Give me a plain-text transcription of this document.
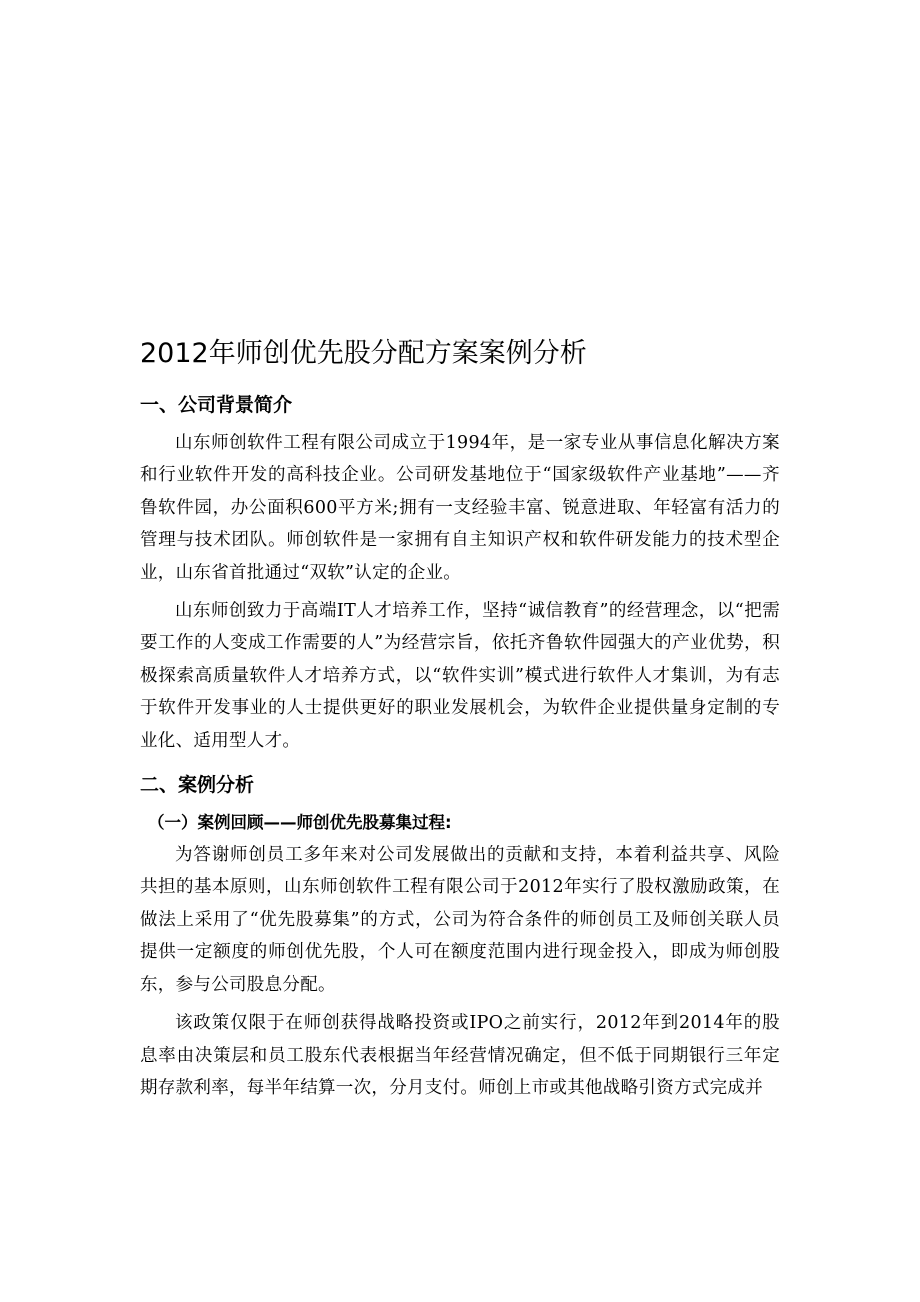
2012年师创优先股分配方案案例分析
一、公司背景简介

山东师创软件工程有限公司成立于1994年，是一家专业从事信息化解决方案和行业软件开发的高科技企业。公司研发基地位于“国家级软件产业基地”——齐鲁软件园，办公面积600平方米;拥有一支经验丰富、锐意进取、年轻富有活力的管理与技术团队。师创软件是一家拥有自主知识产权和软件研发能力的技术型企业，山东省首批通过“双软”认定的企业。

山东师创致力于高端IT人才培养工作，坚持“诚信教育”的经营理念，以“把需要工作的人变成工作需要的人”为经营宗旨，依托齐鲁软件园强大的产业优势，积极探索高质量软件人才培养方式，以“软件实训”模式进行软件人才集训，为有志于软件开发事业的人士提供更好的职业发展机会，为软件企业提供量身定制的专业化、适用型人才。

二、案例分析
（一）案例回顾——师创优先股募集过程:

为答谢师创员工多年来对公司发展做出的贡献和支持，本着利益共享、风险共担的基本原则，山东师创软件工程有限公司于2012年实行了股权激励政策，在做法上采用了“优先股募集”的方式，公司为符合条件的师创员工及师创关联人员提供一定额度的师创优先股，个人可在额度范围内进行现金投入，即成为师创股东，参与公司股息分配。

该政策仅限于在师创获得战略投资或IPO之前实行，2012年到2014年的股息率由决策层和员工股东代表根据当年经营情况确定，但不低于同期银行三年定期存款利率，每半年结算一次，分月支付。师创上市或其他战略引资方式完成并
